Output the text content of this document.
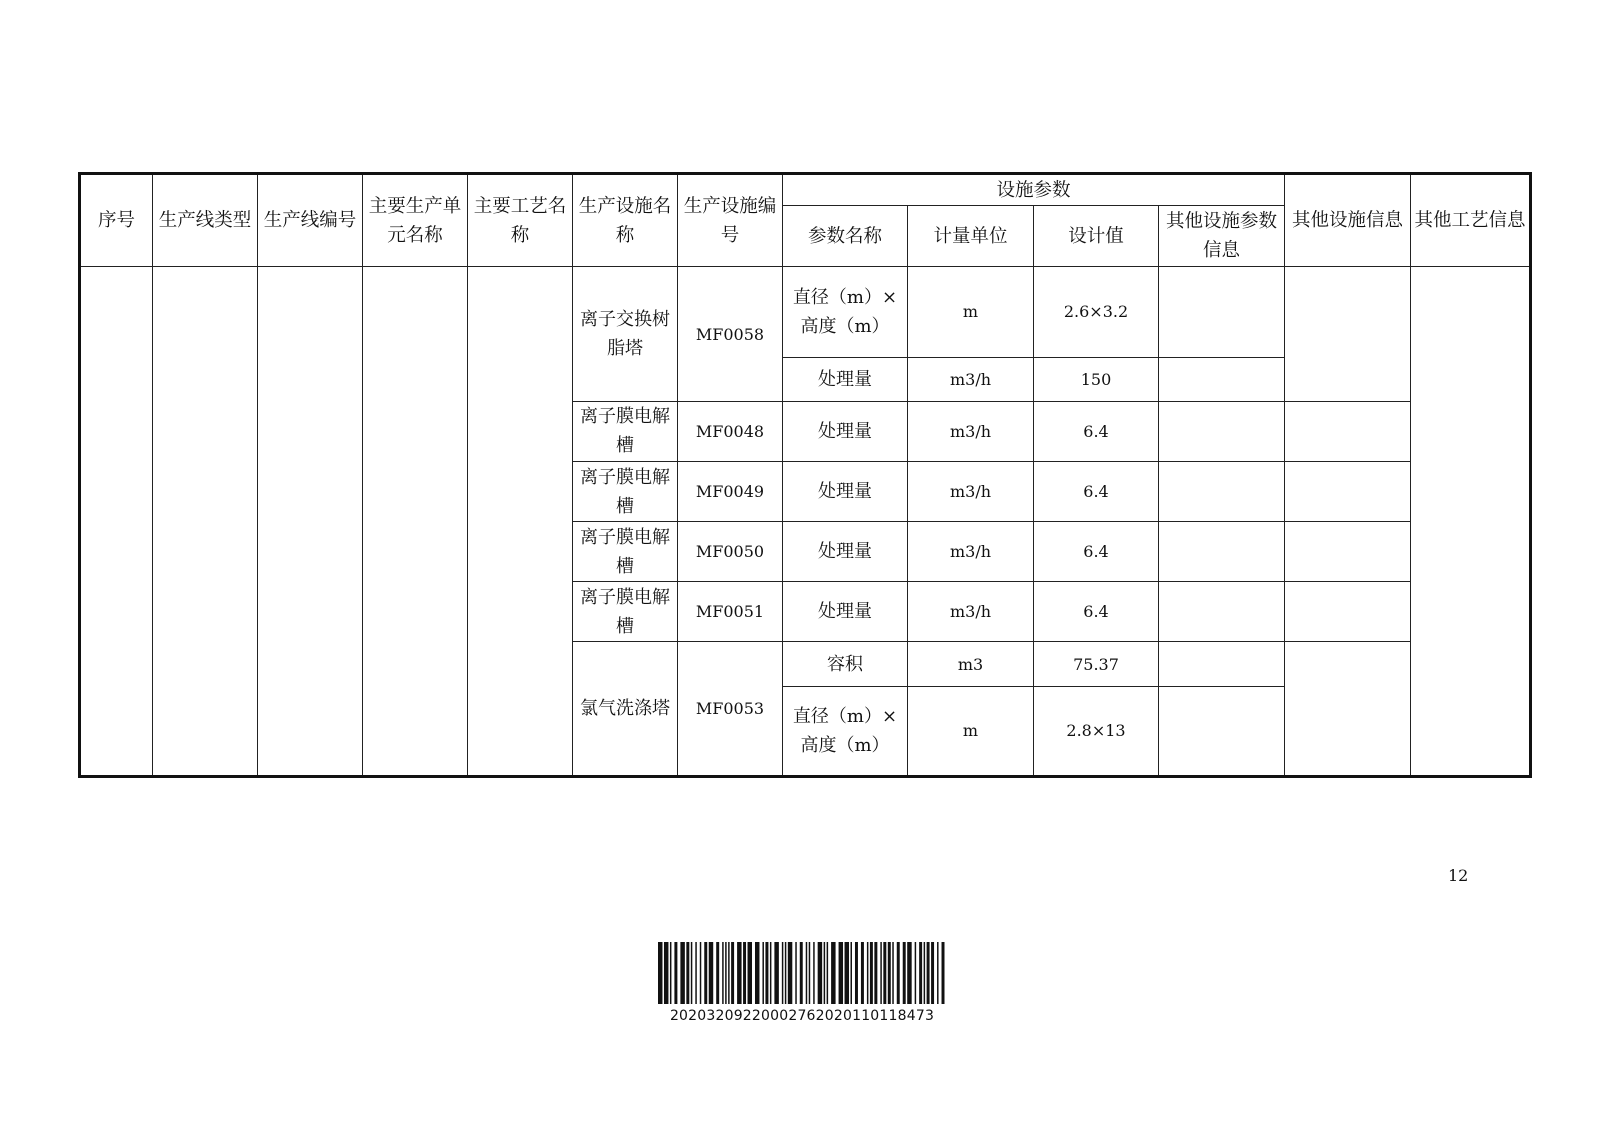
序号	生产线类型	生产线编号	主要生产单元名称	主要工艺名称	生产设施名称	生产设施编号	设施参数				其他设施信息	其他工艺信息
							参数名称	计量单位	设计值	其他设施参数信息		
					离子交换树脂塔	MF0058	直径（m）×高度（m）	m	2.6×3.2			
							处理量	m3/h	150			
					离子膜电解槽	MF0048	处理量	m3/h	6.4			
					离子膜电解槽	MF0049	处理量	m3/h	6.4			
					离子膜电解槽	MF0050	处理量	m3/h	6.4			
					离子膜电解槽	MF0051	处理量	m3/h	6.4			
					氯气洗涤塔	MF0053	容积	m3	75.37			
							直径（m）×高度（m）	m	2.8×13			
12
20203209220002762020110118473
